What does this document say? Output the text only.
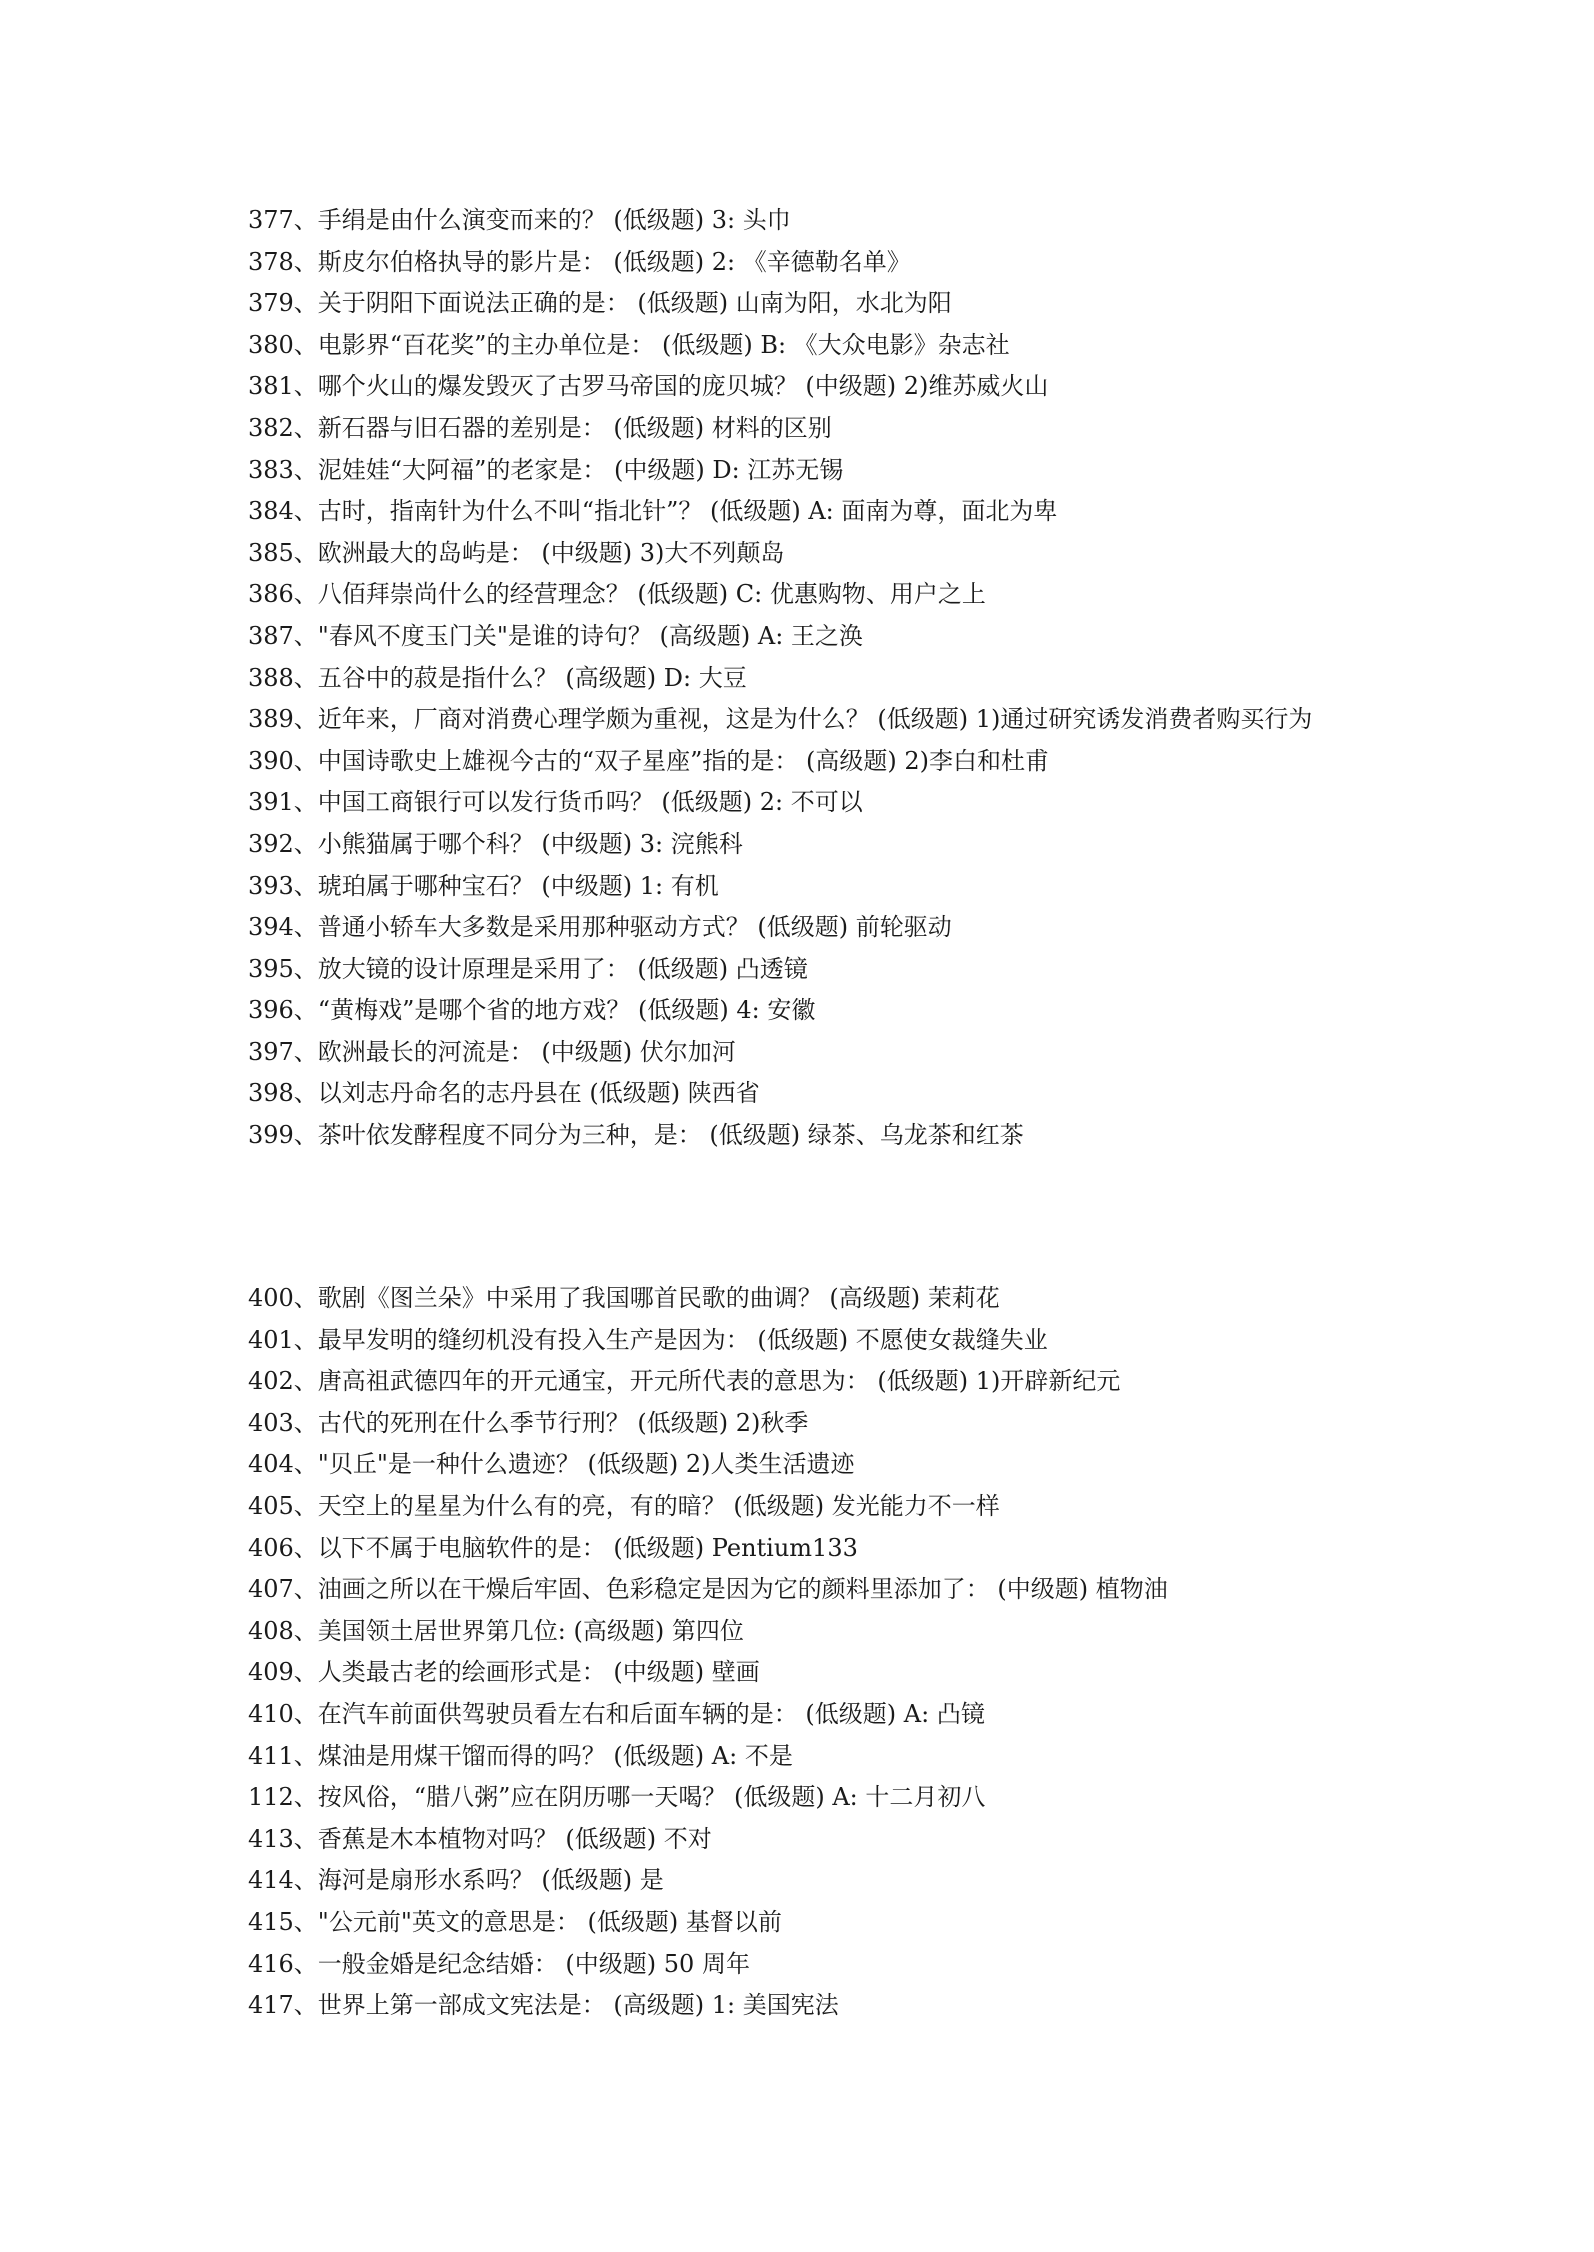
377、手绢是由什么演变而来的？ (低级题) 3: 头巾
378、斯皮尔伯格执导的影片是： (低级题) 2: 《辛德勒名单》
379、关于阴阳下面说法正确的是： (低级题) 山南为阳，水北为阳
380、电影界“百花奖”的主办单位是： (低级题) B: 《大众电影》杂志社
381、哪个火山的爆发毁灭了古罗马帝国的庞贝城？ (中级题) 2)维苏威火山
382、新石器与旧石器的差别是： (低级题) 材料的区别
383、泥娃娃“大阿福”的老家是： (中级题) D: 江苏无锡
384、古时，指南针为什么不叫“指北针”？ (低级题) A: 面南为尊，面北为卑
385、欧洲最大的岛屿是： (中级题) 3)大不列颠岛
386、八佰拜崇尚什么的经营理念？ (低级题) C: 优惠购物、用户之上
387、"春风不度玉门关"是谁的诗句？ (高级题) A: 王之涣
388、五谷中的菽是指什么？ (高级题) D: 大豆
389、近年来，厂商对消费心理学颇为重视，这是为什么？ (低级题) 1)通过研究诱发消费者购买行为
390、中国诗歌史上雄视今古的“双子星座”指的是： (高级题) 2)李白和杜甫
391、中国工商银行可以发行货币吗？ (低级题) 2: 不可以
392、小熊猫属于哪个科？ (中级题) 3: 浣熊科
393、琥珀属于哪种宝石？ (中级题) 1: 有机
394、普通小轿车大多数是采用那种驱动方式？ (低级题) 前轮驱动
395、放大镜的设计原理是采用了： (低级题) 凸透镜
396、“黄梅戏”是哪个省的地方戏？ (低级题) 4: 安徽
397、欧洲最长的河流是： (中级题) 伏尔加河
398、以刘志丹命名的志丹县在 (低级题) 陕西省
399、茶叶依发酵程度不同分为三种，是： (低级题) 绿茶、乌龙茶和红茶
400、歌剧《图兰朵》中采用了我国哪首民歌的曲调？ (高级题) 茉莉花
401、最早发明的缝纫机没有投入生产是因为： (低级题) 不愿使女裁缝失业
402、唐高祖武德四年的开元通宝，开元所代表的意思为： (低级题) 1)开辟新纪元
403、古代的死刑在什么季节行刑？ (低级题) 2)秋季
404、"贝丘"是一种什么遗迹？ (低级题) 2)人类生活遗迹
405、天空上的星星为什么有的亮，有的暗？ (低级题) 发光能力不一样
406、以下不属于电脑软件的是： (低级题) Pentium133
407、油画之所以在干燥后牢固、色彩稳定是因为它的颜料里添加了： (中级题) 植物油
408、美国领土居世界第几位: (高级题) 第四位
409、人类最古老的绘画形式是： (中级题) 壁画
410、在汽车前面供驾驶员看左右和后面车辆的是： (低级题) A: 凸镜
411、煤油是用煤干馏而得的吗？ (低级题) A: 不是
112、按风俗，“腊八粥”应在阴历哪一天喝？ (低级题) A: 十二月初八
413、香蕉是木本植物对吗？ (低级题) 不对
414、海河是扇形水系吗？ (低级题) 是
415、"公元前"英文的意思是： (低级题) 基督以前
416、一般金婚是纪念结婚： (中级题) 50 周年
417、世界上第一部成文宪法是： (高级题) 1: 美国宪法
